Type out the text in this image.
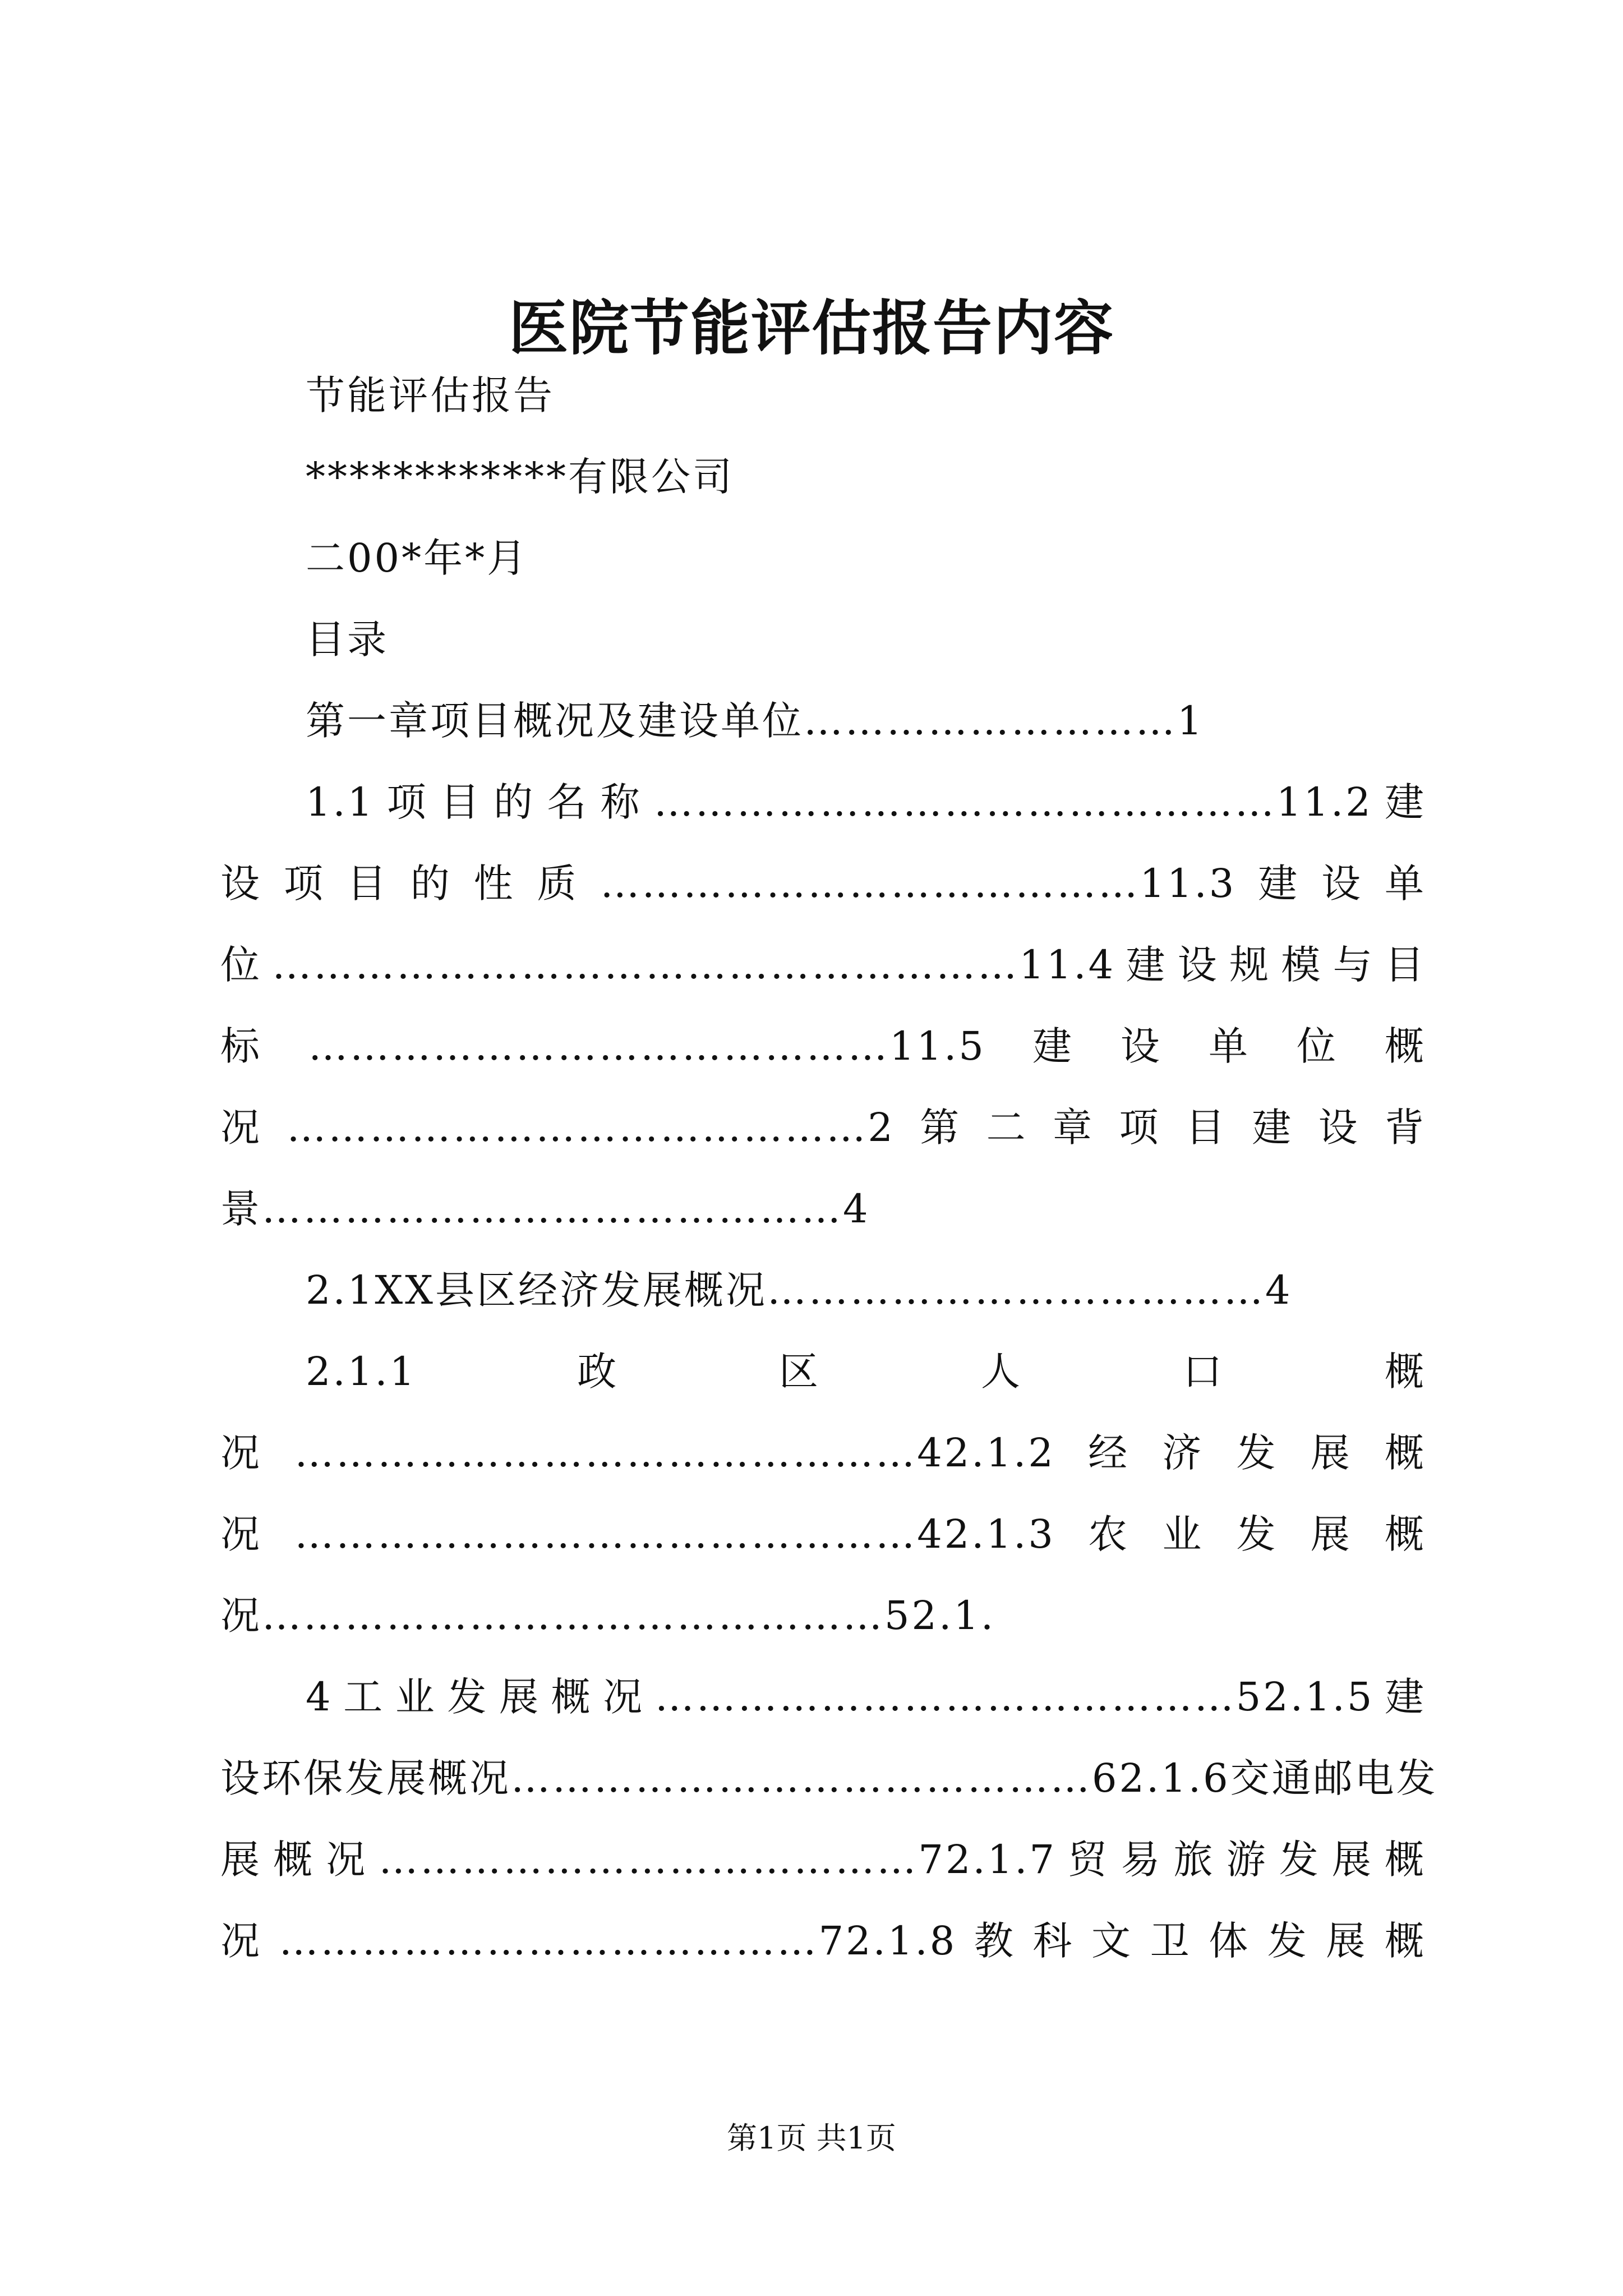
医院节能评估报告内容
节能评估报告
************有限公司
二00*年*月
目录
第一章项目概况及建设单位………………………1
1.1项目的名称………………………………………11.2建
设项目的性质…………………………………11.3建设单
位………………………………………………11.4建设规模与目
标……………………………………11.5建设单位概
况……………………………………2第二章项目建设背
景……………………………………4
2.1XX县区经济发展概况………………………………4
2.1.1政区人口概
况………………………………………42.1.2经济发展概
况………………………………………42.1.3农业发展概
况………………………………………52.1.
4工业发展概况……………………………………52.1.5建
设环保发展概况……………………………………62.1.6交通邮电发
展概况…………………………………72.1.7贸易旅游发展概
况…………………………………72.1.8教科文卫体发展概
第1页 共1页
